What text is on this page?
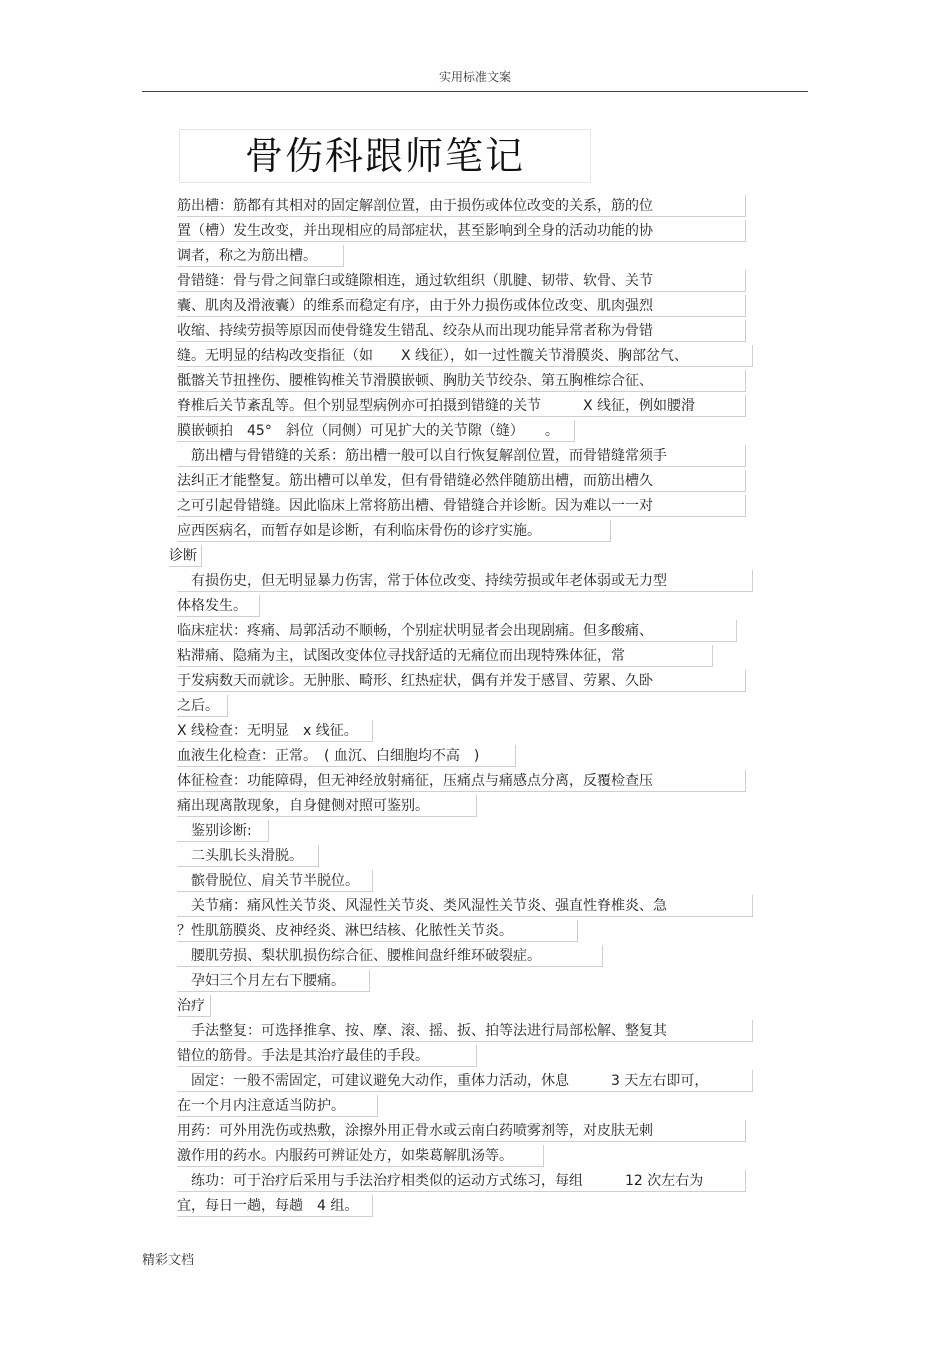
实用标准文案
骨伤科跟师笔记
筋出槽：筋都有其相对的固定解剖位置，由于损伤或体位改变的关系，筋的位
置（槽）发生改变，并出现相应的局部症状，甚至影响到全身的活动功能的协
调者，称之为筋出槽。
骨错缝：骨与骨之间靠臼或缝隙相连，通过软组织（肌腱、韧带、软骨、关节
囊、肌肉及滑液囊）的维系而稳定有序，由于外力损伤或体位改变、肌肉强烈
收缩、持续劳损等原因而使骨缝发生错乱、绞杂从而出现功能异常者称为骨错
缝。无明显的结构改变指征（如　　X 线征），如一过性髋关节滑膜炎、胸部岔气、
骶髂关节扭挫伤、腰椎钩椎关节滑膜嵌顿、胸肋关节绞杂、第五胸椎综合征、
脊椎后关节紊乱等。但个别显型病例亦可拍摄到错缝的关节　　　X 线征，例如腰滑
膜嵌顿拍　45°　斜位（同侧）可见扩大的关节隙（缝）　　。
　筋出槽与骨错缝的关系：筋出槽一般可以自行恢复解剖位置，而骨错缝常须手
法纠正才能整复。筋出槽可以单发，但有骨错缝必然伴随筋出槽，而筋出槽久
之可引起骨错缝。因此临床上常将筋出槽、骨错缝合并诊断。因为难以一一对
应西医病名，而暂存如是诊断，有利临床骨伤的诊疗实施。
诊断
　有损伤史，但无明显暴力伤害，常于体位改变、持续劳损或年老体弱或无力型
体格发生。
临床症状：疼痛、局郭活动不顺畅，个别症状明显者会出现剧痛。但多酸痛、
粘滞痛、隐痛为主，试图改变体位寻找舒适的无痛位而出现特殊体征，常
于发病数天而就诊。无肿胀、畸形、红热症状，偶有并发于感冒、劳累、久卧
之后。
X 线检查：无明显　x 线征。
血液生化检查：正常。　( 血沉、白细胞均不高　)
体征检查：功能障碍，但无神经放射痛征，压痛点与痛感点分离，反覆检查压
痛出现离散现象，自身健侧对照可鉴别。
　鉴别诊断:
　二头肌长头滑脱。
　髌骨脱位、肩关节半脱位。
　关节痛：痛风性关节炎、风湿性关节炎、类风湿性关节炎、强直性脊椎炎、急
？性肌筋膜炎、皮神经炎、淋巴结核、化脓性关节炎。
　腰肌劳损、梨状肌损伤综合征、腰椎间盘纤维环破裂症。
　孕妇三个月左右下腰痛。
治疗
　手法整复：可选择推拿、按、摩、滚、摇、扳、拍等法进行局部松解、整复其
错位的筋骨。手法是其治疗最佳的手段。
　固定：一般不需固定，可建议避免大动作，重体力活动，休息　　　3 天左右即可，
在一个月内注意适当防护。
用药：可外用洗伤或热敷，涂擦外用正骨水或云南白药喷雾剂等，对皮肤无刺
激作用的药水。内服药可辨证处方，如柴葛解肌汤等。
　练功：可于治疗后采用与手法治疗相类似的运动方式练习，每组　　　12 次左右为
宜，每日一趟，每趟　4 组。
精彩文档
